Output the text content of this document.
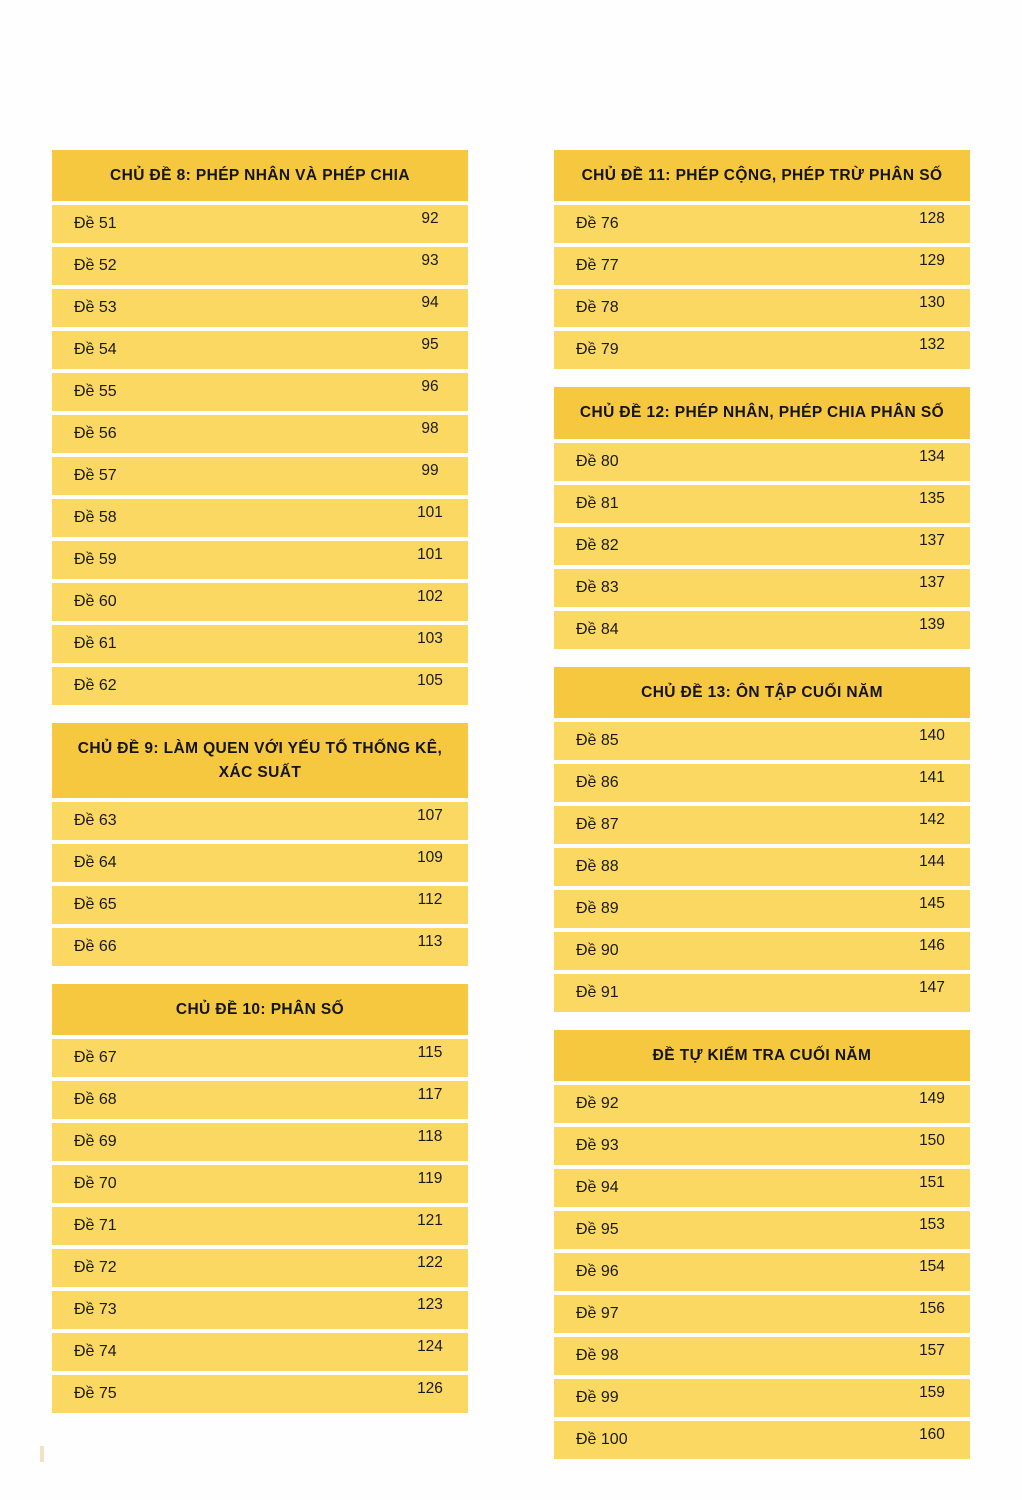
CHỦ ĐỀ 8: PHÉP NHÂN VÀ PHÉP CHIA
Đề 51	92
Đề 52	93
Đề 53	94
Đề 54	95
Đề 55	96
Đề 56	98
Đề 57	99
Đề 58	101
Đề 59	101
Đề 60	102
Đề 61	103
Đề 62	105
CHỦ ĐỀ 9: LÀM QUEN VỚI YẾU TỐ THỐNG KÊ, XÁC SUẤT
Đề 63	107
Đề 64	109
Đề 65	112
Đề 66	113
CHỦ ĐỀ 10: PHÂN SỐ
Đề 67	115
Đề 68	117
Đề 69	118
Đề 70	119
Đề 71	121
Đề 72	122
Đề 73	123
Đề 74	124
Đề 75	126
CHỦ ĐỀ 11: PHÉP CỘNG, PHÉP TRỪ PHÂN SỐ
Đề 76	128
Đề 77	129
Đề 78	130
Đề 79	132
CHỦ ĐỀ 12: PHÉP NHÂN, PHÉP CHIA PHÂN SỐ
Đề 80	134
Đề 81	135
Đề 82	137
Đề 83	137
Đề 84	139
CHỦ ĐỀ 13: ÔN TẬP CUỐI NĂM
Đề 85	140
Đề 86	141
Đề 87	142
Đề 88	144
Đề 89	145
Đề 90	146
Đề 91	147
ĐỀ TỰ KIỂM TRA CUỐI NĂM
Đề 92	149
Đề 93	150
Đề 94	151
Đề 95	153
Đề 96	154
Đề 97	156
Đề 98	157
Đề 99	159
Đề 100	160
